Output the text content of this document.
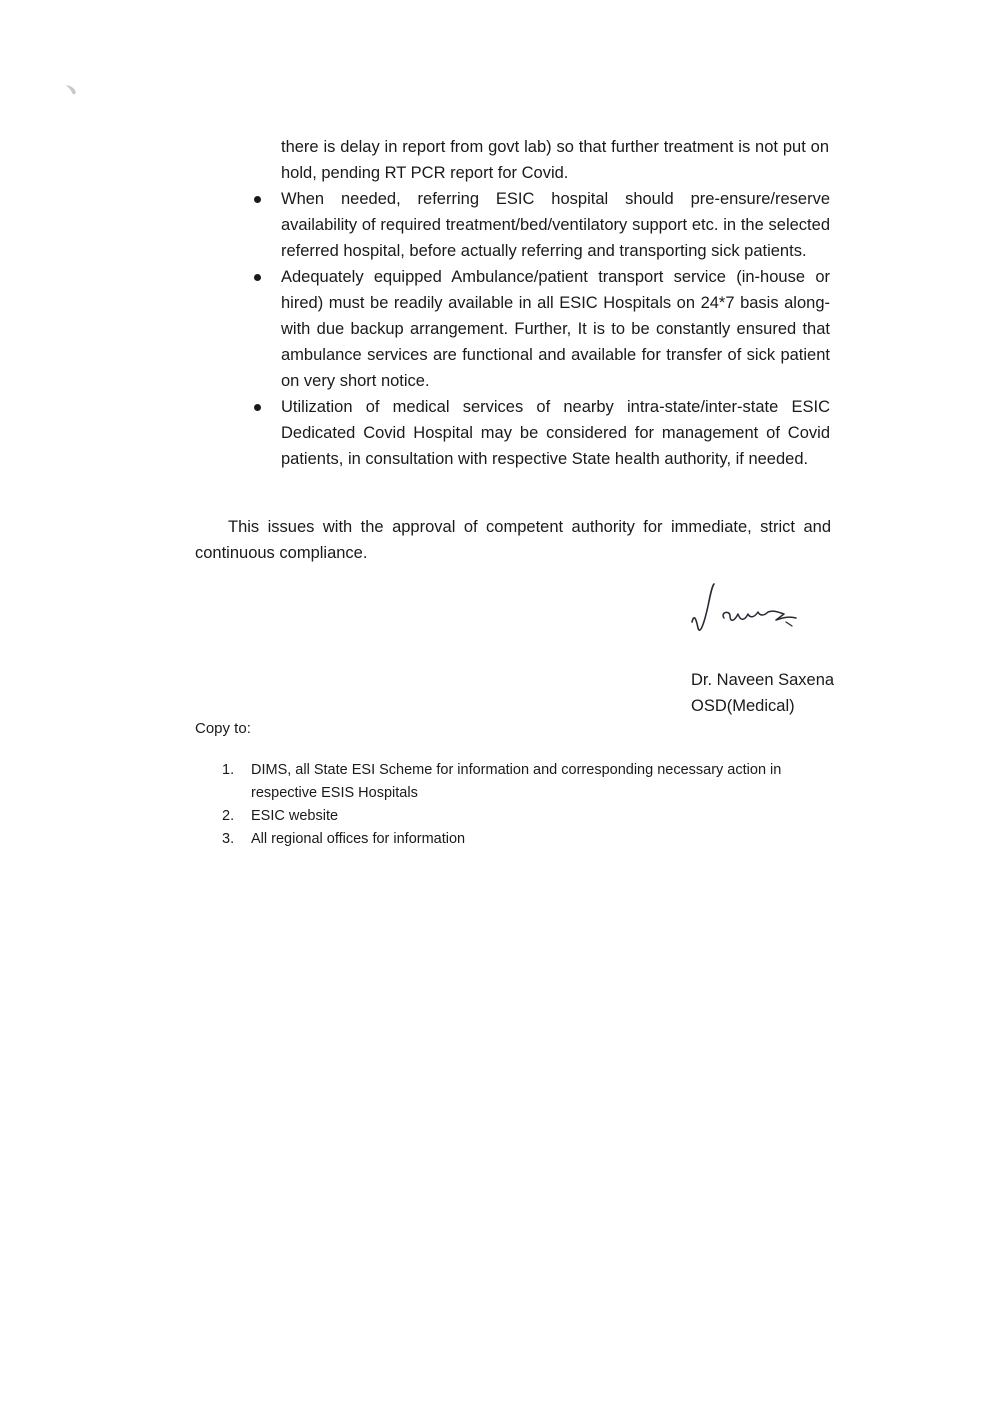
﹅

there is delay in report from govt lab) so that further treatment is not put on hold, pending RT PCR report for Covid.

When needed, referring ESIC hospital should pre-ensure/reserve availability of required treatment/bed/ventilatory support etc. in the selected referred hospital, before actually referring and transporting sick patients.
Adequately equipped Ambulance/patient transport service (in-house or hired) must be readily available in all ESIC Hospitals on 24*7 basis along-with due backup arrangement. Further, It is to be constantly ensured that ambulance services are functional and available for transfer of sick patient on very short notice.
Utilization of medical services of nearby intra-state/inter-state ESIC Dedicated Covid Hospital may be considered for management of Covid patients, in consultation with respective State health authority, if needed.

This issues with the approval of competent authority for immediate, strict and continuous compliance.

Dr. Naveen Saxena
OSD(Medical)
Copy to:
1. DIMS, all State ESI Scheme for information and corresponding necessary action in respective ESIS Hospitals
2. ESIC website
3. All regional offices for information
